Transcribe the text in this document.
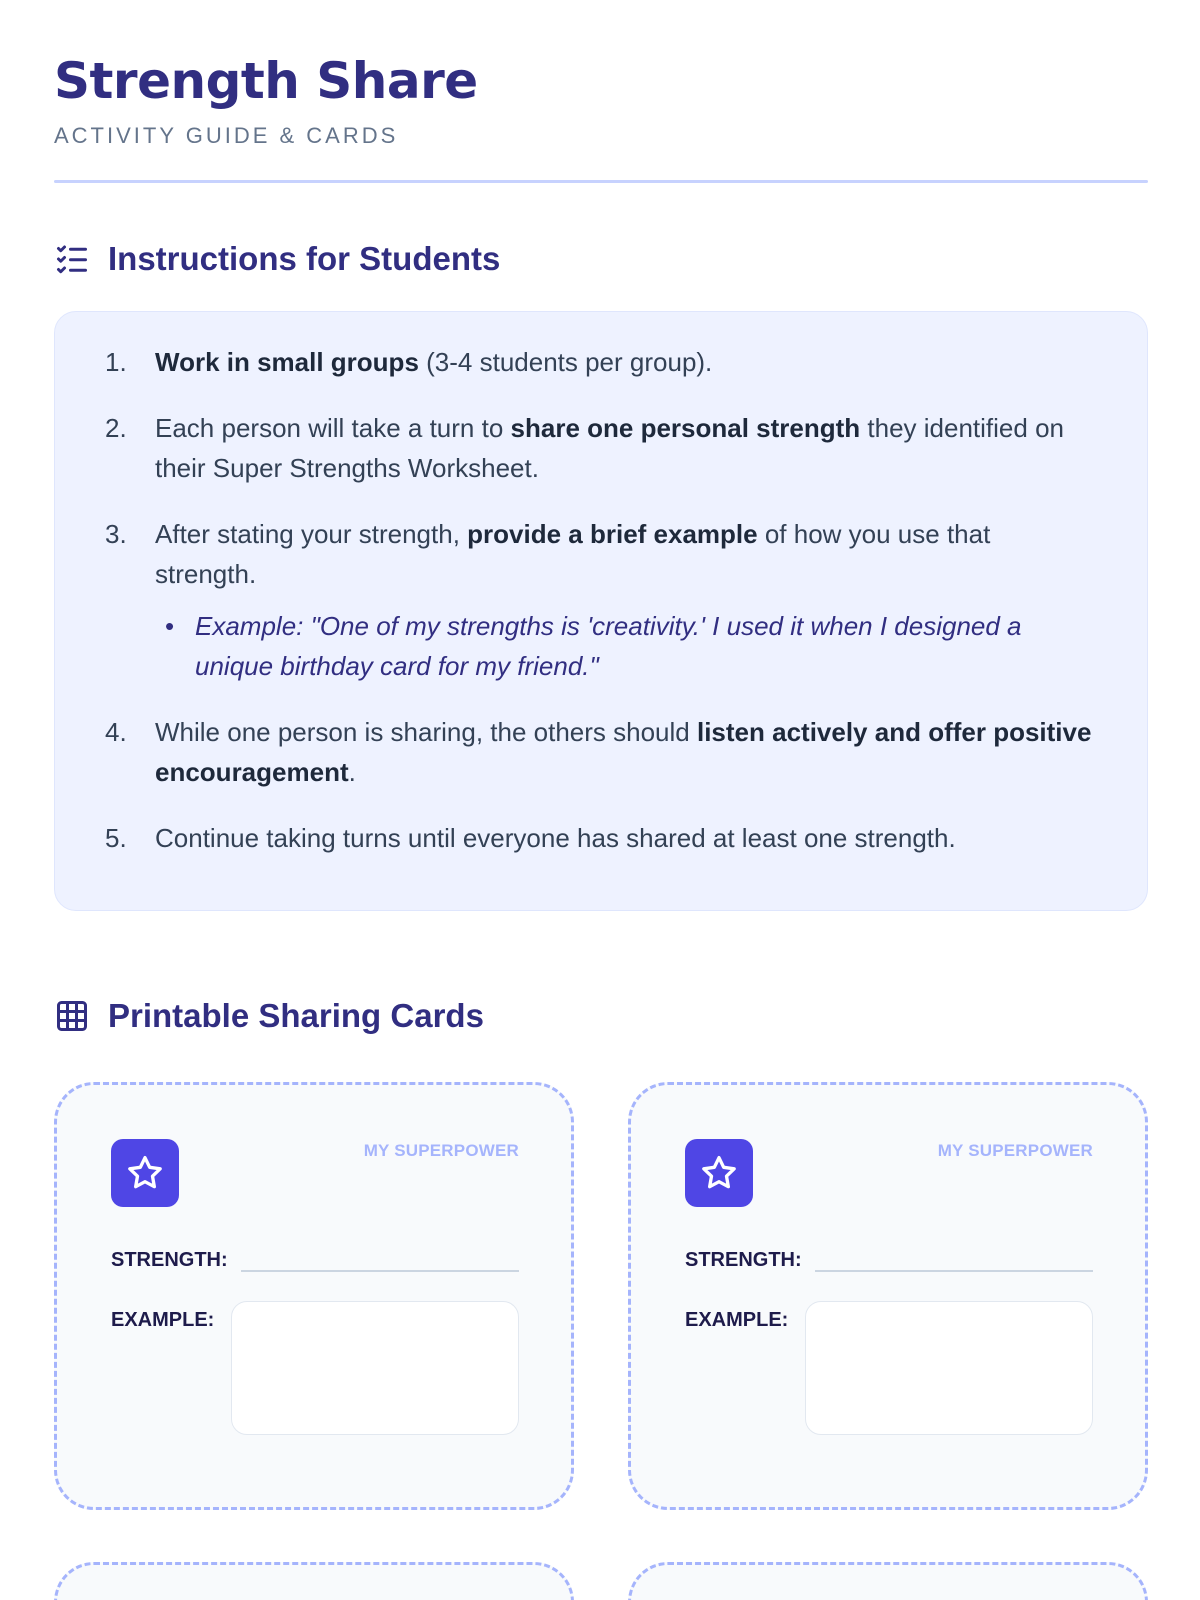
Strength Share
ACTIVITY GUIDE & CARDS
Instructions for Students
1.	Work in small groups (3-4 students per group).
2.	Each person will take a turn to share one personal strength they identified on their Super Strengths Worksheet.
3.	After stating your strength, provide a brief example of how you use that strength.
• Example: "One of my strengths is 'creativity.' I used it when I designed a unique birthday card for my friend."
4.	While one person is sharing, the others should listen actively and offer positive encouragement.
5.	Continue taking turns until everyone has shared at least one strength.
Printable Sharing Cards
MY SUPERPOWER
STRENGTH:
EXAMPLE:
MY SUPERPOWER
STRENGTH:
EXAMPLE:
